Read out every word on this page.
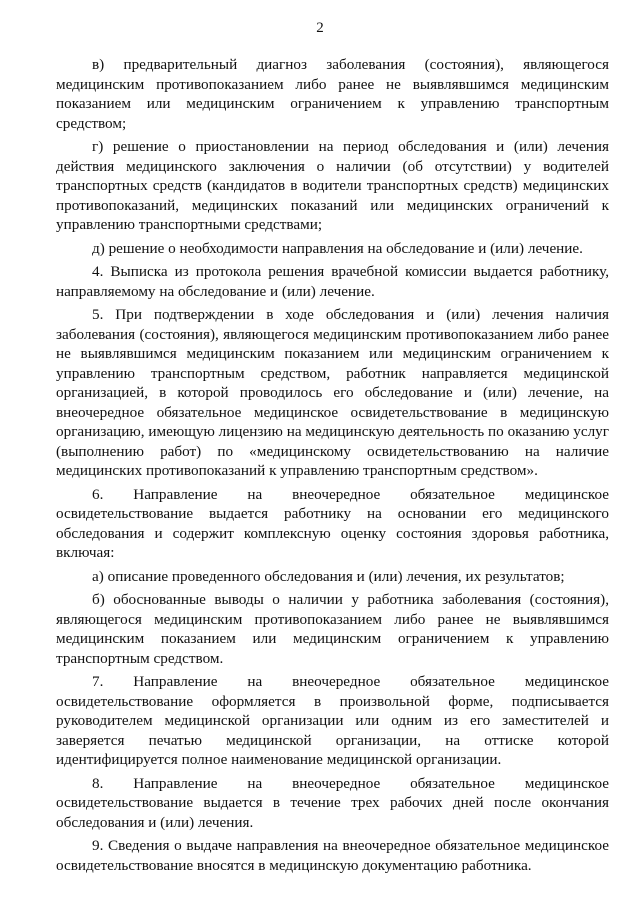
2

в) предварительный диагноз заболевания (состояния), являющегося медицинским противопоказанием либо ранее не выявлявшимся медицинским показанием или медицинским ограничением к управлению транспортным средством;

г) решение о приостановлении на период обследования и (или) лечения действия медицинского заключения о наличии (об отсутствии) у водителей транспортных средств (кандидатов в водители транспортных средств) медицинских противопоказаний, медицинских показаний или медицинских ограничений к управлению транспортными средствами;

д) решение о необходимости направления на обследование и (или) лечение.

4. Выписка из протокола решения врачебной комиссии выдается работнику, направляемому на обследование и (или) лечение.

5. При подтверждении в ходе обследования и (или) лечения наличия заболевания (состояния), являющегося медицинским противопоказанием либо ранее не выявлявшимся медицинским показанием или медицинским ограничением к управлению транспортным средством, работник направляется медицинской организацией, в которой проводилось его обследование и (или) лечение, на внеочередное обязательное медицинское освидетельствование в медицинскую организацию, имеющую лицензию на медицинскую деятельность по оказанию услуг (выполнению работ) по «медицинскому освидетельствованию на наличие медицинских противопоказаний к управлению транспортным средством».

6. Направление на внеочередное обязательное медицинское освидетельствование выдается работнику на основании его медицинского обследования и содержит комплексную оценку состояния здоровья работника, включая:

а) описание проведенного обследования и (или) лечения, их результатов;

б) обоснованные выводы о наличии у работника заболевания (состояния), являющегося медицинским противопоказанием либо ранее не выявлявшимся медицинским показанием или медицинским ограничением к управлению транспортным средством.

7. Направление на внеочередное обязательное медицинское освидетельствование оформляется в произвольной форме, подписывается руководителем медицинской организации или одним из его заместителей и заверяется печатью медицинской организации, на оттиске которой идентифицируется полное наименование медицинской организации.

8. Направление на внеочередное обязательное медицинское освидетельствование выдается в течение трех рабочих дней после окончания обследования и (или) лечения.

9. Сведения о выдаче направления на внеочередное обязательное медицинское освидетельствование вносятся в медицинскую документацию работника.
